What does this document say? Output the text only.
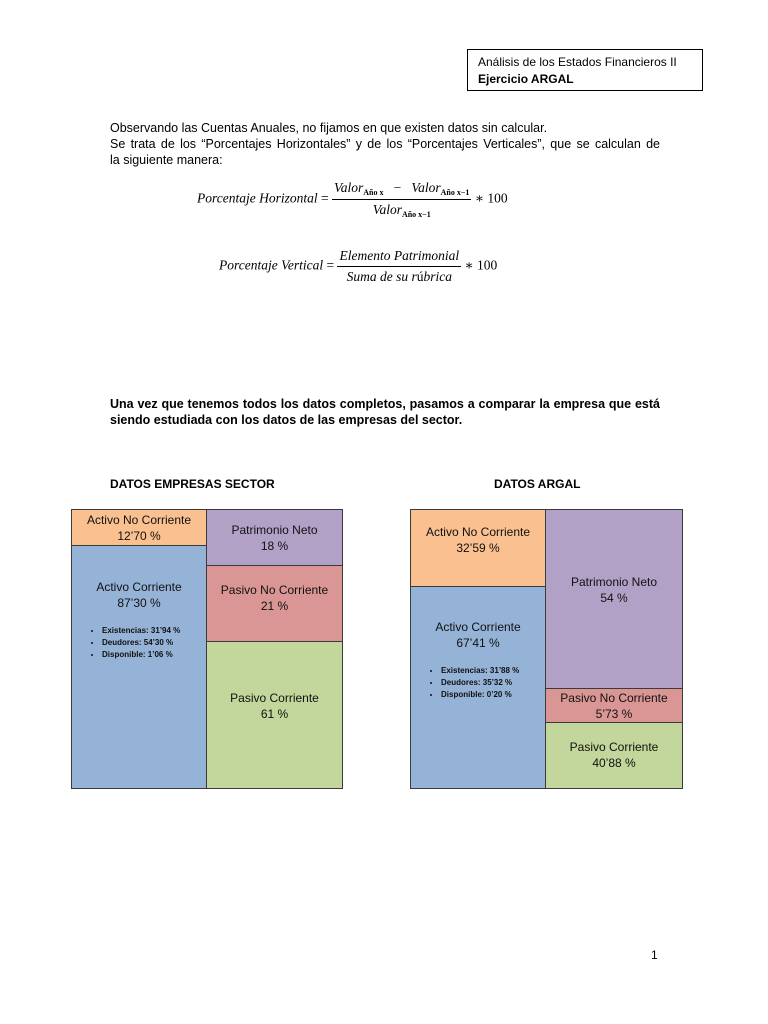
Análisis de los Estados Financieros II
Ejercicio ARGAL
Observando las Cuentas Anuales, no fijamos en que existen datos sin calcular.
Se trata de los “Porcentajes Horizontales” y de los “Porcentajes Verticales”, que se calculan de
la siguiente manera:
Porcentaje Horizontal = $\frac{Valor_{Año x} - Valor_{Año x-1}}{Valor_{Año x-1}}$ ∗ 100
Porcentaje Vertical = $\frac{\text{Elemento Patrimonial}}{\text{Suma de su rúbrica}}$ ∗ 100
Una vez que tenemos todos los datos completos, pasamos a comparar la empresa que está
siendo estudiada con los datos de las empresas del sector.
DATOS EMPRESAS SECTOR	DATOS ARGAL
Activo No Corriente
12’70 %
Activo Corriente
87’30 %
• Existencias: 31’94 %
• Deudores: 54’30 %
• Disponible: 1’06 %
Patrimonio Neto
18 %
Pasivo No Corriente
21 %
Pasivo Corriente
61 %
Activo No Corriente
32’59 %
Activo Corriente
67’41 %
• Existencias: 31’88 %
• Deudores: 35’32 %
• Disponible: 0’20 %
Patrimonio Neto
54 %
Pasivo No Corriente
5’73 %
Pasivo Corriente
40’88 %
1
